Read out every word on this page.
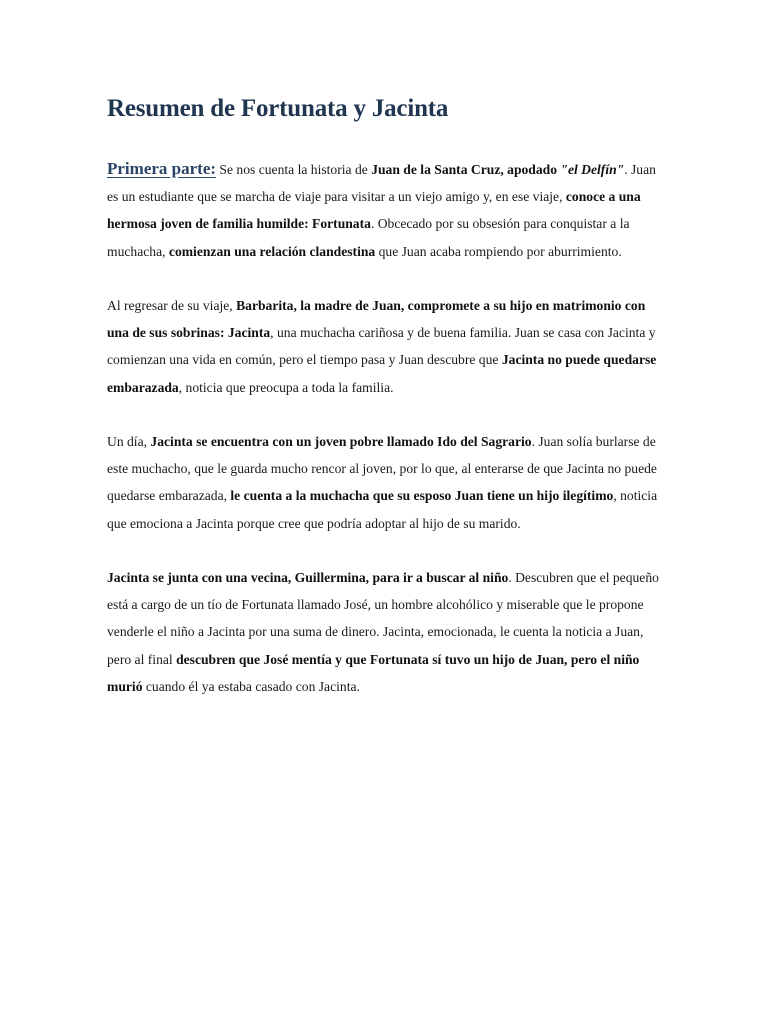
Resumen de Fortunata y Jacinta

Primera parte: Se nos cuenta la historia de Juan de la Santa Cruz, apodado "el Delfín". Juan es un estudiante que se marcha de viaje para visitar a un viejo amigo y, en ese viaje, conoce a una hermosa joven de familia humilde: Fortunata. Obcecado por su obsesión para conquistar a la muchacha, comienzan una relación clandestina que Juan acaba rompiendo por aburrimiento.

Al regresar de su viaje, Barbarita, la madre de Juan, compromete a su hijo en matrimonio con una de sus sobrinas: Jacinta, una muchacha cariñosa y de buena familia. Juan se casa con Jacinta y comienzan una vida en común, pero el tiempo pasa y Juan descubre que Jacinta no puede quedarse embarazada, noticia que preocupa a toda la familia.

Un día, Jacinta se encuentra con un joven pobre llamado Ido del Sagrario. Juan solía burlarse de este muchacho, que le guarda mucho rencor al joven, por lo que, al enterarse de que Jacinta no puede quedarse embarazada, le cuenta a la muchacha que su esposo Juan tiene un hijo ilegítimo, noticia que emociona a Jacinta porque cree que podría adoptar al hijo de su marido.

Jacinta se junta con una vecina, Guillermina, para ir a buscar al niño. Descubren que el pequeño está a cargo de un tío de Fortunata llamado José, un hombre alcohólico y miserable que le propone venderle el niño a Jacinta por una suma de dinero. Jacinta, emocionada, le cuenta la noticia a Juan, pero al final descubren que José mentía y que Fortunata sí tuvo un hijo de Juan, pero el niño murió cuando él ya estaba casado con Jacinta.
